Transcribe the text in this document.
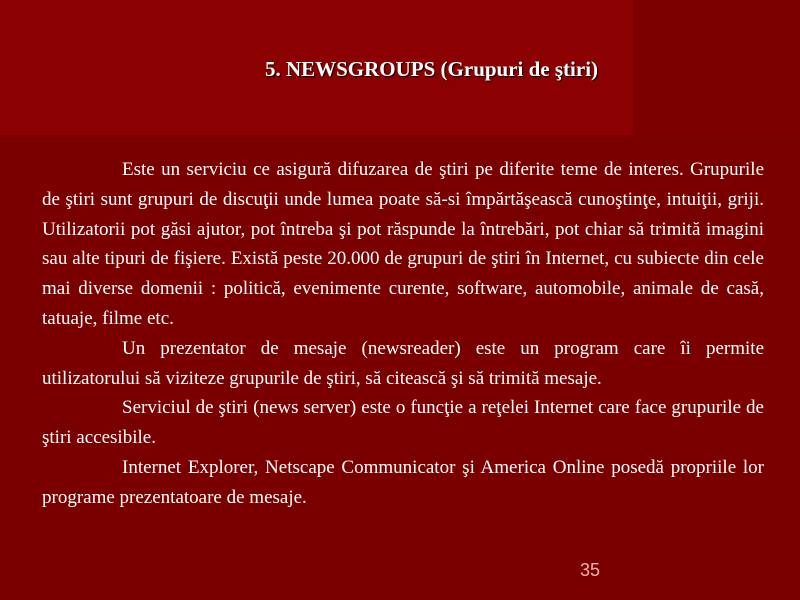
5. NEWSGROUPS (Grupuri de ştiri)

Este un serviciu ce asigură difuzarea de ştiri pe diferite teme de interes. Grupurile de ştiri sunt grupuri de discuţii unde lumea poate să-si împărtăşească cunoştinţe, intuiţii, griji. Utilizatorii pot găsi ajutor, pot întreba şi pot răspunde la întrebări, pot chiar să trimită imagini sau alte tipuri de fişiere. Există peste 20.000 de grupuri de ştiri în Internet, cu subiecte din cele mai diverse domenii : politică, evenimente curente, software, automobile, animale de casă, tatuaje, filme etc.

Un prezentator de mesaje (newsreader) este un program care îi permite utilizatorului să viziteze grupurile de ştiri, să citească şi să trimită mesaje.

Serviciul de ştiri (news server) este o funcţie a reţelei Internet care face grupurile de ştiri accesibile.

Internet Explorer, Netscape Communicator şi America Online posedă propriile lor programe prezentatoare de mesaje.

35
